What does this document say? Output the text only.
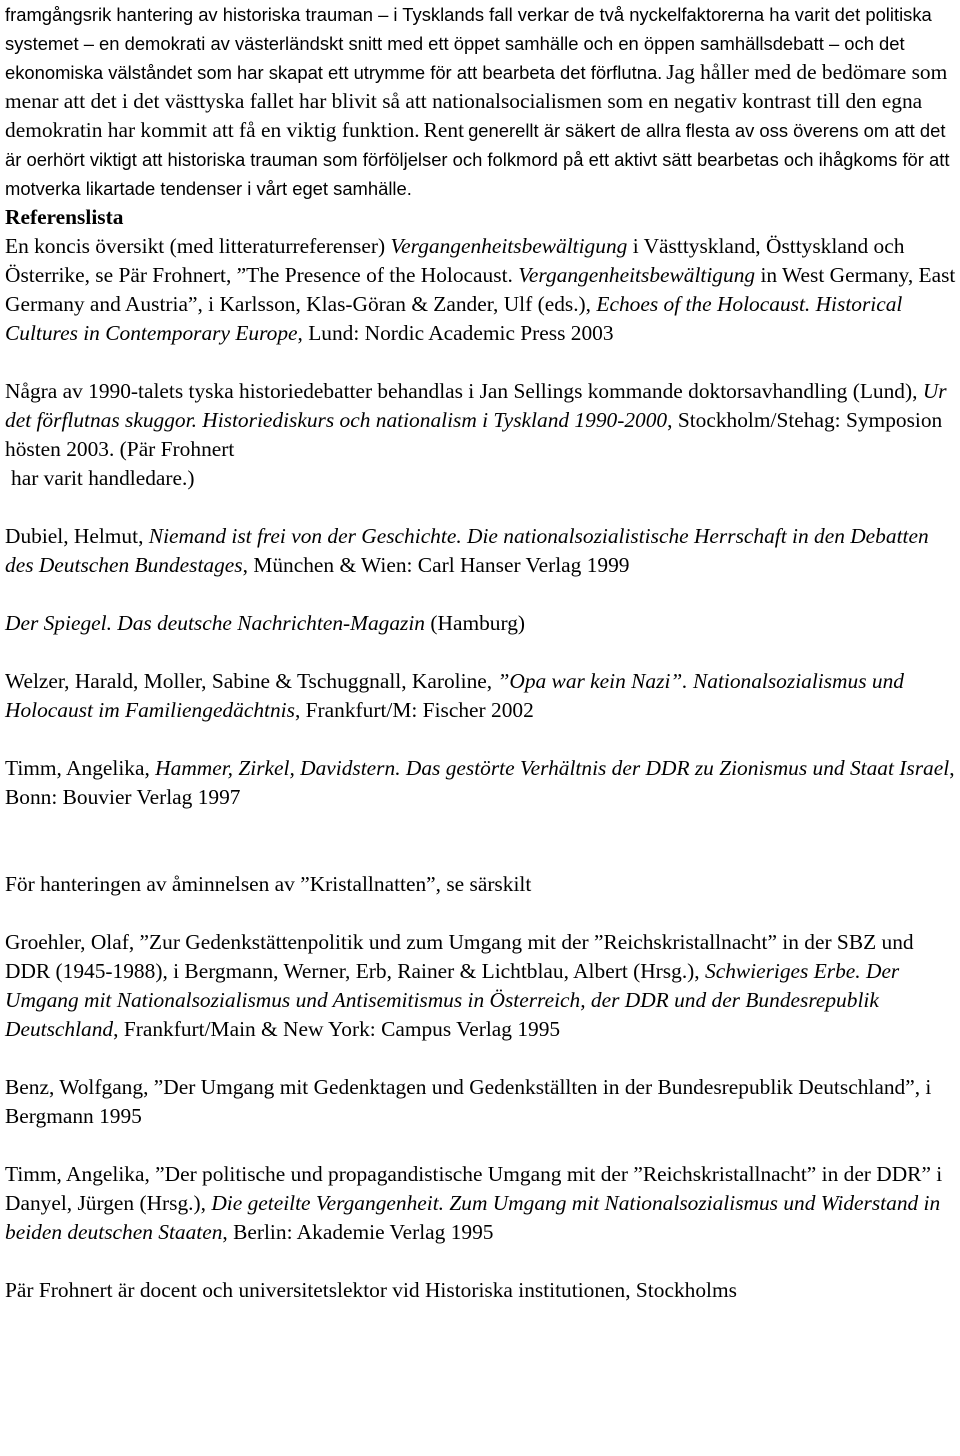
framgångsrik hantering av historiska trauman – i Tysklands fall verkar de två nyckelfaktorerna ha varit det politiska systemet – en demokrati av västerländskt snitt med ett öppet samhälle och en öppen samhällsdebatt – och det ekonomiska välståndet som har skapat ett utrymme för att bearbeta det förflutna. Jag håller med de bedömare som menar att det i det västtyska fallet har blivit så att nationalsocialismen som en negativ kontrast till den egna demokratin har kommit att få en viktig funktion. Rent generellt är säkert de allra flesta av oss överens om att det är oerhört viktigt att historiska trauman som förföljelser och folkmord på ett aktivt sätt bearbetas och ihågkoms för att motverka likartade tendenser i vårt eget samhälle.

Referenslista

En koncis översikt (med litteraturreferenser) Vergangenheitsbewältigung i Västtyskland, Östtyskland och Österrike, se Pär Frohnert, ”The Presence of the Holocaust. Vergangenheitsbewältigung in West Germany, East Germany and Austria”, i Karlsson, Klas-Göran & Zander, Ulf (eds.), Echoes of the Holocaust. Historical Cultures in Contemporary Europe, Lund: Nordic Academic Press 2003

Några av 1990-talets tyska historiedebatter behandlas i Jan Sellings kommande doktorsavhandling (Lund), Ur det förflutnas skuggor. Historiediskurs och nationalism i Tyskland 1990-2000, Stockholm/Stehag: Symposion hösten 2003. (Pär Frohnert
har varit handledare.)

Dubiel, Helmut, Niemand ist frei von der Geschichte. Die nationalsozialistische Herrschaft in den Debatten des Deutschen Bundestages, München & Wien: Carl Hanser Verlag 1999

Der Spiegel. Das deutsche Nachrichten-Magazin (Hamburg)

Welzer, Harald, Moller, Sabine & Tschuggnall, Karoline, ”Opa war kein Nazi”. Nationalsozialismus und Holocaust im Familiengedächtnis, Frankfurt/M: Fischer 2002

Timm, Angelika, Hammer, Zirkel, Davidstern. Das gestörte Verhältnis der DDR zu Zionismus und Staat Israel, Bonn: Bouvier Verlag 1997

För hanteringen av åminnelsen av ”Kristallnatten”, se särskilt

Groehler, Olaf, ”Zur Gedenkstättenpolitik und zum Umgang mit der ”Reichskristallnacht” in der SBZ und DDR (1945-1988), i Bergmann, Werner, Erb, Rainer & Lichtblau, Albert (Hrsg.), Schwieriges Erbe. Der Umgang mit Nationalsozialismus und Antisemitismus in Österreich, der DDR und der Bundesrepublik Deutschland, Frankfurt/Main & New York: Campus Verlag 1995

Benz, Wolfgang, ”Der Umgang mit Gedenktagen und Gedenkställten in der Bundesrepublik Deutschland”, i Bergmann 1995

Timm, Angelika, ”Der politische und propagandistische Umgang mit der ”Reichskristallnacht” in der DDR” i Danyel, Jürgen (Hrsg.), Die geteilte Vergangenheit. Zum Umgang mit Nationalsozialismus und Widerstand in beiden deutschen Staaten, Berlin: Akademie Verlag 1995

Pär Frohnert är docent och universitetslektor vid Historiska institutionen, Stockholms
